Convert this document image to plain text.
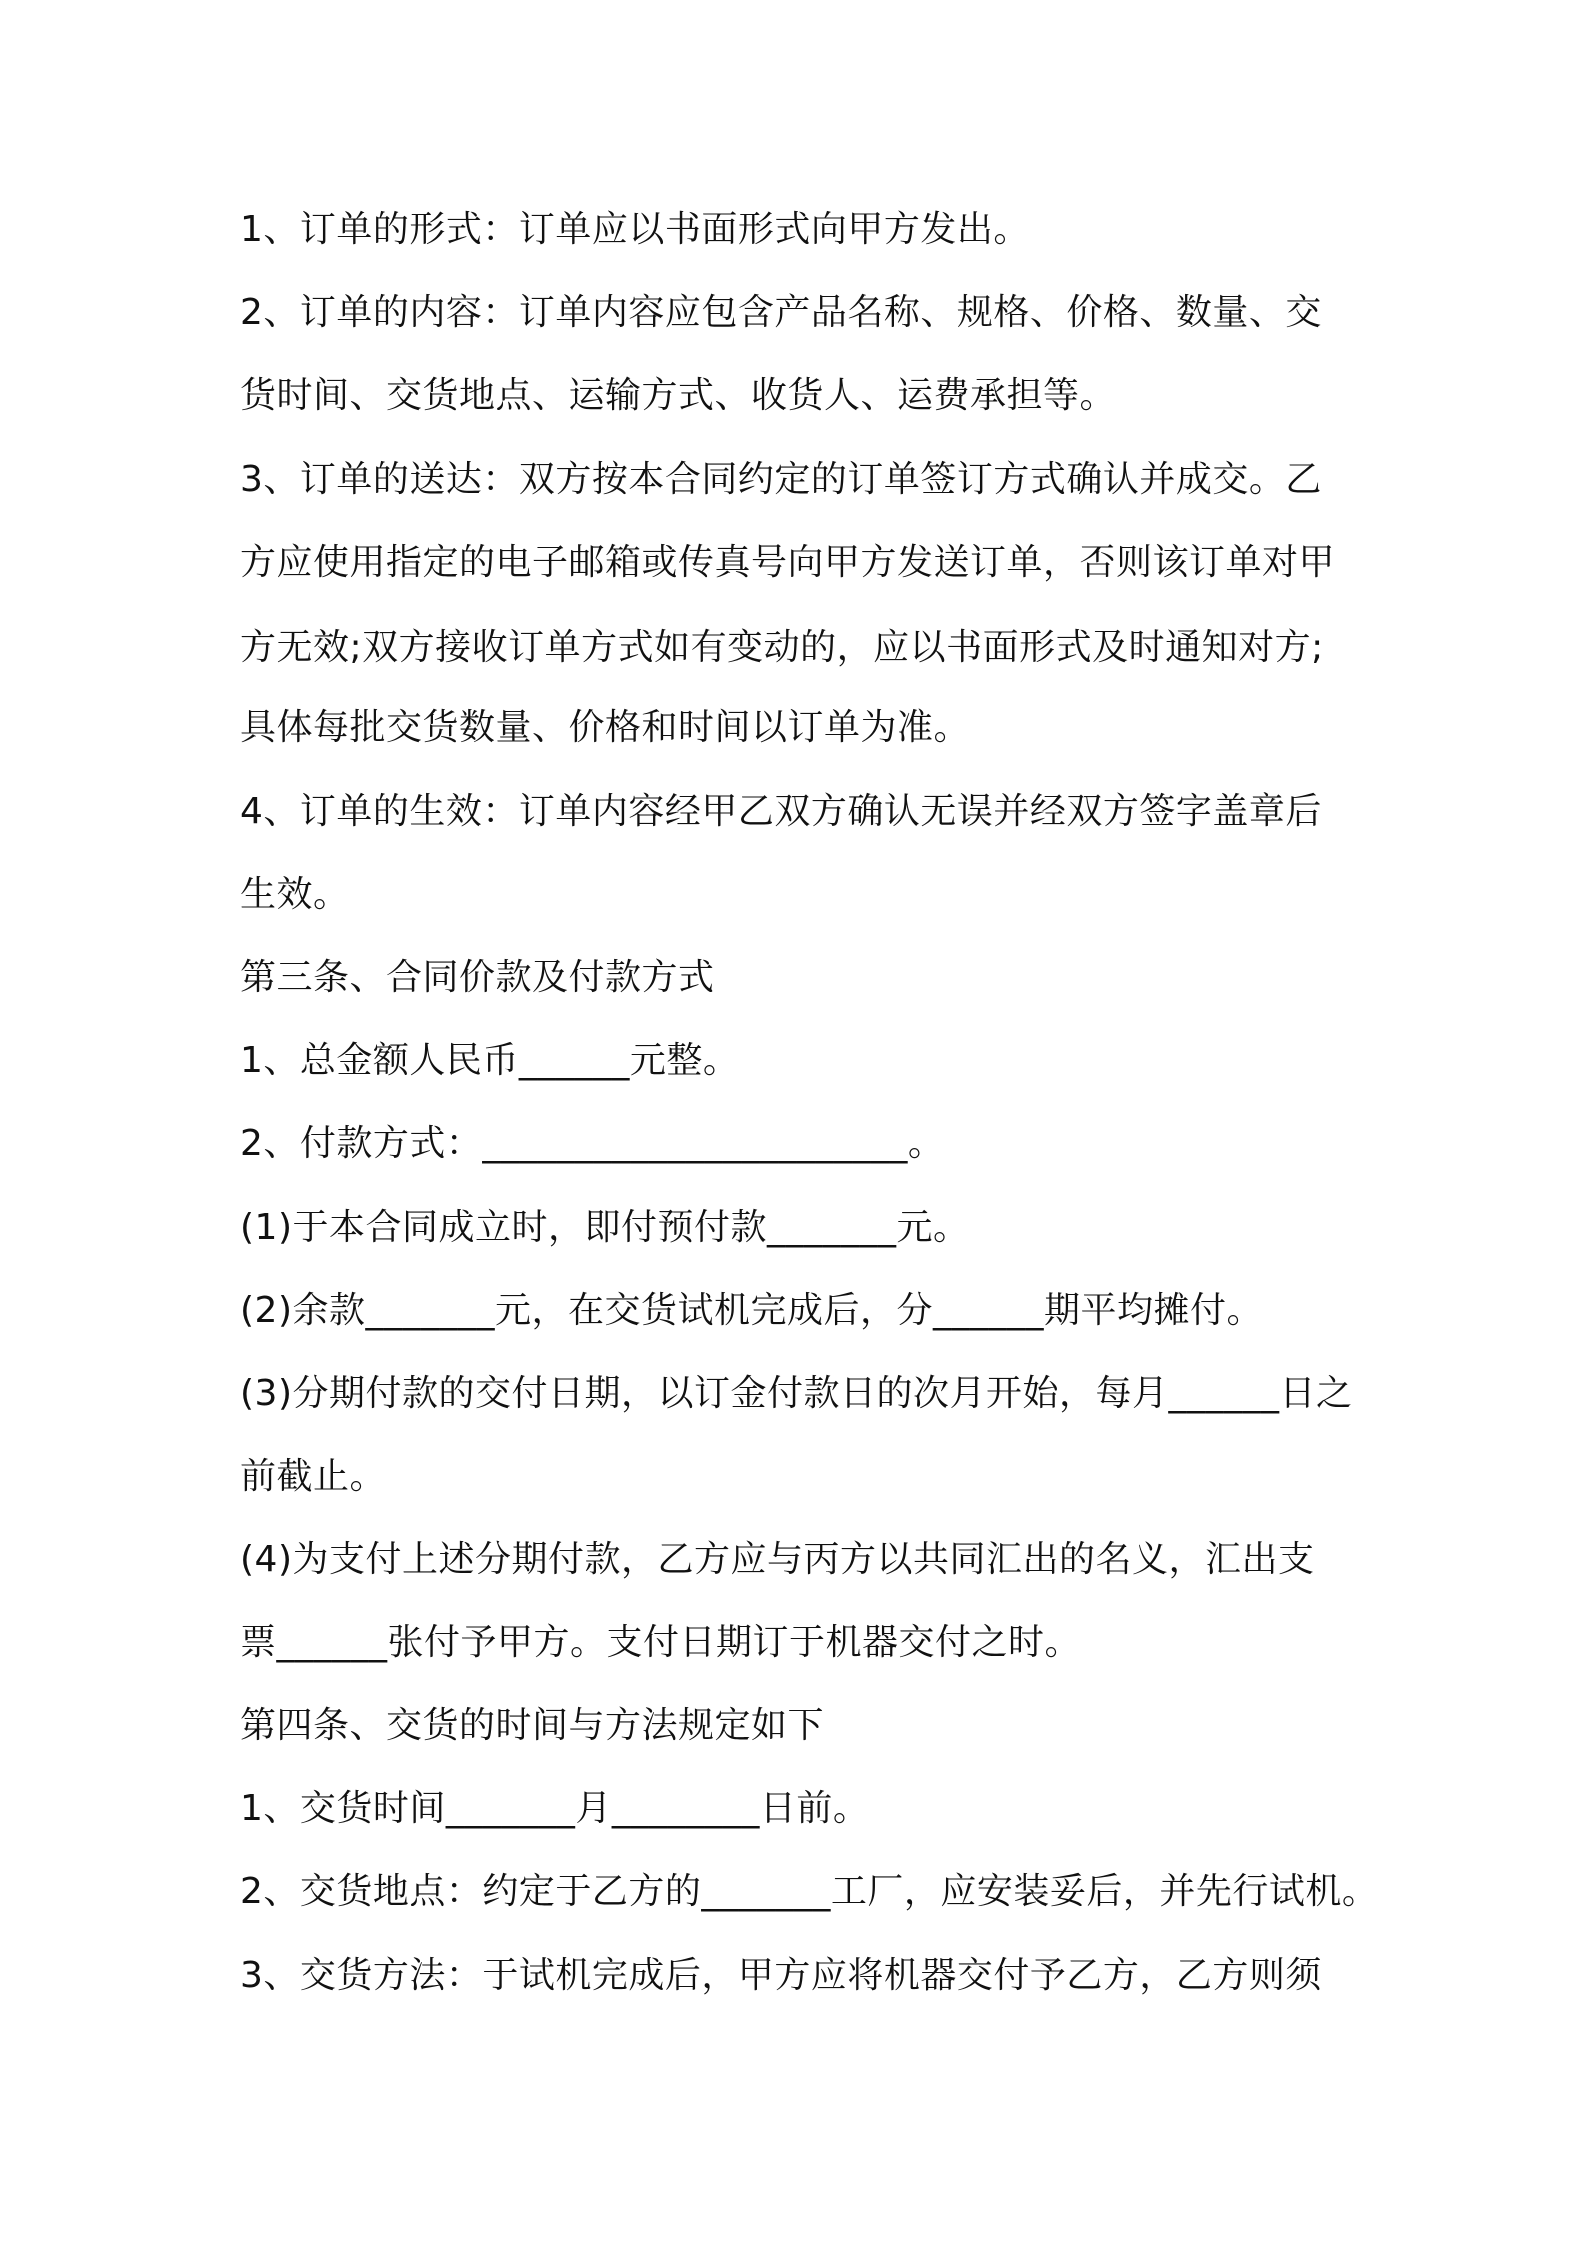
1、订单的形式：订单应以书面形式向甲方发出。
2、订单的内容：订单内容应包含产品名称、规格、价格、数量、交
货时间、交货地点、运输方式、收货人、运费承担等。
3、订单的送达：双方按本合同约定的订单签订方式确认并成交。乙
方应使用指定的电子邮箱或传真号向甲方发送订单，否则该订单对甲
方无效;双方接收订单方式如有变动的，应以书面形式及时通知对方;
具体每批交货数量、价格和时间以订单为准。
4、订单的生效：订单内容经甲乙双方确认无误并经双方签字盖章后
生效。
第三条、合同价款及付款方式
1、总金额人民币______元整。
2、付款方式：_______________________。
(1)于本合同成立时，即付预付款_______元。
(2)余款_______元，在交货试机完成后，分______期平均摊付。
(3)分期付款的交付日期，以订金付款日的次月开始，每月______日之
前截止。
(4)为支付上述分期付款，乙方应与丙方以共同汇出的名义，汇出支
票______张付予甲方。支付日期订于机器交付之时。
第四条、交货的时间与方法规定如下
1、交货时间_______月________日前。
2、交货地点：约定于乙方的_______工厂，应安装妥后，并先行试机。
3、交货方法：于试机完成后，甲方应将机器交付予乙方，乙方则须
